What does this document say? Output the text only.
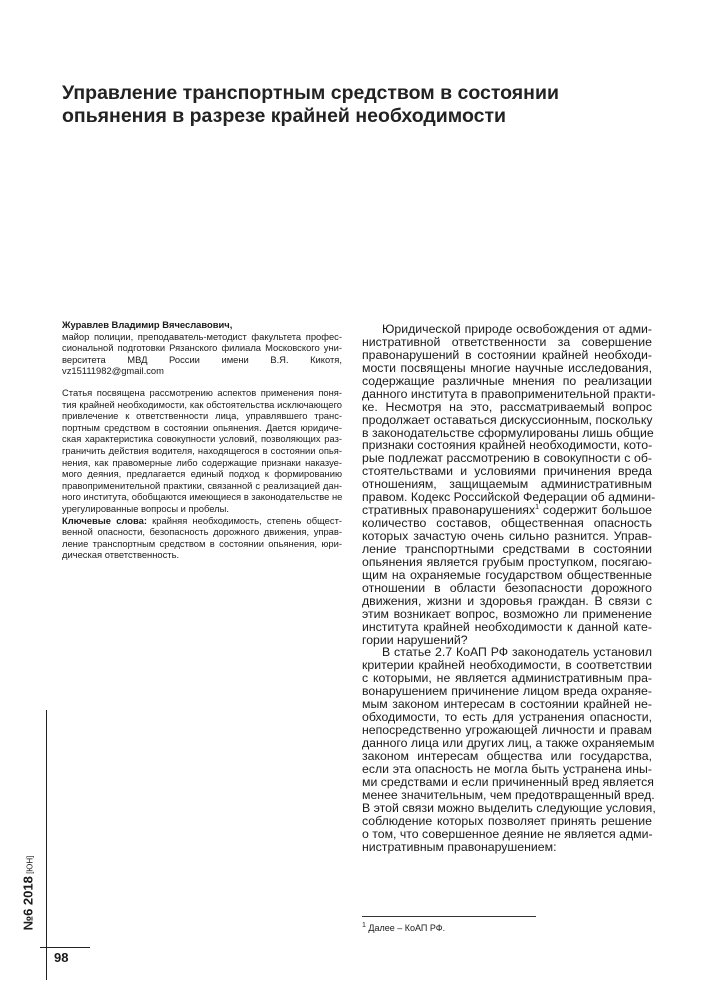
Управление транспортным средством в состоянии
опьянения в разрезе крайней необходимости
Журавлев Владимир Вячеславович,
майор полиции, преподаватель-методист факультета профес-
сиональной подготовки Рязанского филиала Московского уни-
верситета МВД России имени В.Я. Кикотя,
vz15111982@gmail.com
Статья посвящена рассмотрению аспектов применения поня-
тия крайней необходимости, как обстоятельства исключающего
привлечение к ответственности лица, управлявшего транс-
портным средством в состоянии опьянения. Дается юридиче-
ская характеристика совокупности условий, позволяющих раз-
граничить действия водителя, находящегося в состоянии опья-
нения, как правомерные либо содержащие признаки наказуе-
мого деяния, предлагается единый подход к формированию
правоприменительной практики, связанной с реализацией дан-
ного института, обобщаются имеющиеся в законодательстве не
урегулированные вопросы и пробелы.
Ключевые слова: крайняя необходимость, степень общест-
венной опасности, безопасность дорожного движения, управ-
ление транспортным средством в состоянии опьянения, юри-
дическая ответственность.
Юридической природе освобождения от адми-
нистративной ответственности за совершение
правонарушений в состоянии крайней необходи-
мости посвящены многие научные исследования,
содержащие различные мнения по реализации
данного института в правоприменительной практи-
ке. Несмотря на это, рассматриваемый вопрос
продолжает оставаться дискуссионным, поскольку
в законодательстве сформулированы лишь общие
признаки состояния крайней необходимости, кото-
рые подлежат рассмотрению в совокупности с об-
стоятельствами и условиями причинения вреда
отношениям, защищаемым административным
правом. Кодекс Российской Федерации об админи-
стративных правонарушениях$^1$ содержит большое
количество составов, общественная опасность
которых зачастую очень сильно разнится. Управ-
ление транспортными средствами в состоянии
опьянения является грубым проступком, посягаю-
щим на охраняемые государством общественные
отношении в области безопасности дорожного
движения, жизни и здоровья граждан. В связи с
этим возникает вопрос, возможно ли применение
института крайней необходимости к данной кате-
гории нарушений?
В статье 2.7 КоАП РФ законодатель установил
критерии крайней необходимости, в соответствии
с которыми, не является административным пра-
вонарушением причинение лицом вреда охраняе-
мым законом интересам в состоянии крайней не-
обходимости, то есть для устранения опасности,
непосредственно угрожающей личности и правам
данного лица или других лиц, а также охраняемым
законом интересам общества или государства,
если эта опасность не могла быть устранена ины-
ми средствами и если причиненный вред является
менее значительным, чем предотвращенный вред.
В этой связи можно выделить следующие условия,
соблюдение которых позволяет принять решение
о том, что совершенное деяние не является адми-
нистративным правонарушением:
$^1$ Далее – КоАП РФ.
98
№6 2018 [ЮН]
